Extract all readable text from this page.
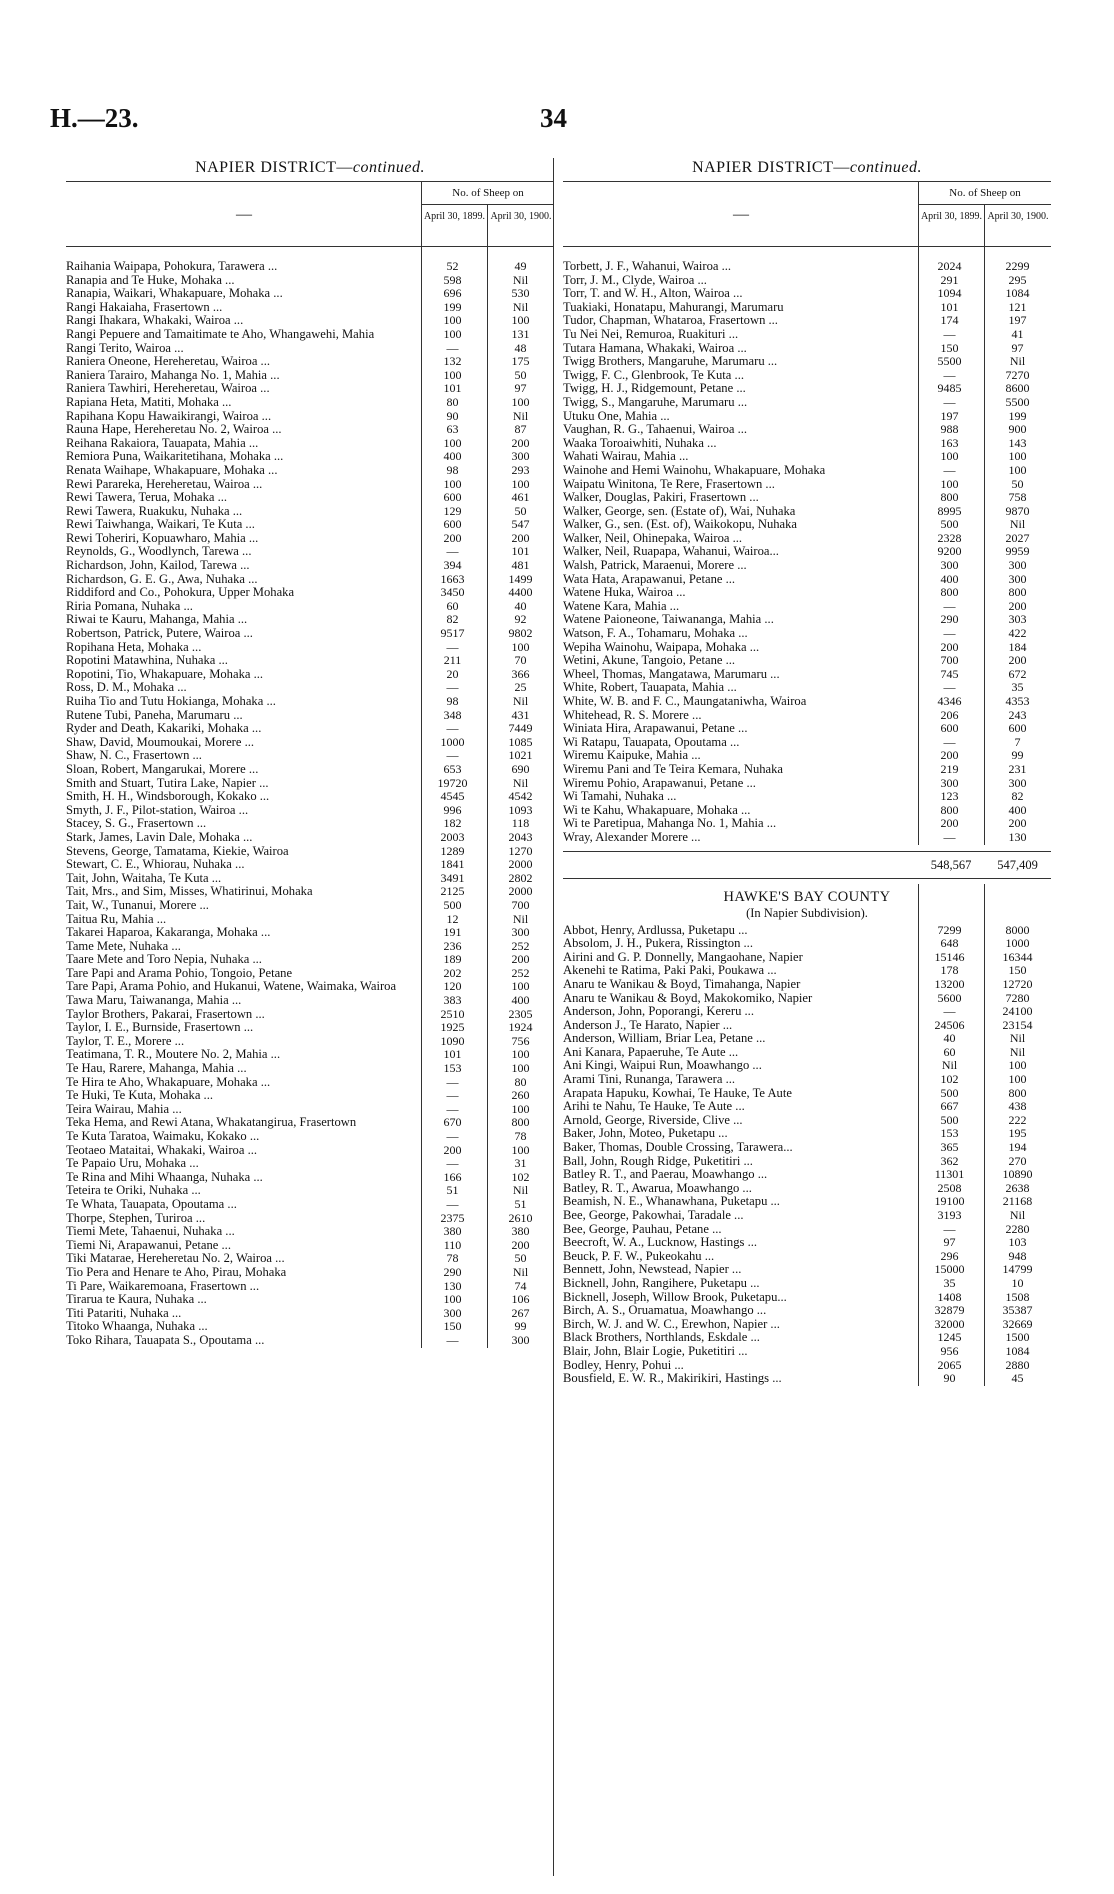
H.—23.	34
NAPIER DISTRICT—continued.
—
No. of Sheep on
April 30, 1899. April 30, 1900.
Raihania Waipapa, Pohokura, Tarawera ...	52	49
Ranapia and Te Huke, Mohaka ...	598	Nil
Ranapia, Waikari, Whakapuare, Mohaka ...	696	530
Rangi Hakaiaha, Frasertown ...	199	Nil
Rangi Ihakara, Whakaki, Wairoa ...	100	100
Rangi Pepuere and Tamaitimate te Aho, Whangawehi, Mahia	100	131
Rangi Terito, Wairoa ...	—	48
Raniera Oneone, Hereheretau, Wairoa ...	132	175
Raniera Tarairo, Mahanga No. 1, Mahia ...	100	50
Raniera Tawhiri, Hereheretau, Wairoa ...	101	97
Rapiana Heta, Matiti, Mohaka ...	80	100
Rapihana Kopu Hawaikirangi, Wairoa ...	90	Nil
Rauna Hape, Hereheretau No. 2, Wairoa ...	63	87
Reihana Rakaiora, Tauapata, Mahia ...	100	200
Remiora Puna, Waikaritetihana, Mohaka ...	400	300
Renata Waihape, Whakapuare, Mohaka ...	98	293
Rewi Parareka, Hereheretau, Wairoa ...	100	100
Rewi Tawera, Terua, Mohaka ...	600	461
Rewi Tawera, Ruakuku, Nuhaka ...	129	50
Rewi Taiwhanga, Waikari, Te Kuta ...	600	547
Rewi Toheriri, Kopuawharo, Mahia ...	200	200
Reynolds, G., Woodlynch, Tarewa ...	—	101
Richardson, John, Kailod, Tarewa ...	394	481
Richardson, G. E. G., Awa, Nuhaka ...	1663	1499
Riddiford and Co., Pohokura, Upper Mohaka	3450	4400
Riria Pomana, Nuhaka ...	60	40
Riwai te Kauru, Mahanga, Mahia ...	82	92
Robertson, Patrick, Putere, Wairoa ...	9517	9802
Ropihana Heta, Mohaka ...	—	100
Ropotini Matawhina, Nuhaka ...	211	70
Ropotini, Tio, Whakapuare, Mohaka ...	20	366
Ross, D. M., Mohaka ...	—	25
Ruiha Tio and Tutu Hokianga, Mohaka ...	98	Nil
Rutene Tubi, Paneha, Marumaru ...	348	431
Ryder and Death, Kakariki, Mohaka ...	—	7449
Shaw, David, Moumoukai, Morere ...	1000	1085
Shaw, N. C., Frasertown ...	—	1021
Sloan, Robert, Mangarukai, Morere ...	653	690
Smith and Stuart, Tutira Lake, Napier ...	19720	Nil
Smith, H. H., Windsborough, Kokako ...	4545	4542
Smyth, J. F., Pilot-station, Wairoa ...	996	1093
Stacey, S. G., Frasertown ...	182	118
Stark, James, Lavin Dale, Mohaka ...	2003	2043
Stevens, George, Tamatama, Kiekie, Wairoa	1289	1270
Stewart, C. E., Whiorau, Nuhaka ...	1841	2000
Tait, John, Waitaha, Te Kuta ...	3491	2802
Tait, Mrs., and Sim, Misses, Whatirinui, Mohaka	2125	2000
Tait, W., Tunanui, Morere ...	500	700
Taitua Ru, Mahia ...	12	Nil
Takarei Haparoa, Kakaranga, Mohaka ...	191	300
Tame Mete, Nuhaka ...	236	252
Taare Mete and Toro Nepia, Nuhaka ...	189	200
Tare Papi and Arama Pohio, Tongoio, Petane	202	252
Tare Papi, Arama Pohio, and Hukanui, Watene, Waimaka, Wairoa	120	100
Tawa Maru, Taiwananga, Mahia ...	383	400
Taylor Brothers, Pakarai, Frasertown ...	2510	2305
Taylor, I. E., Burnside, Frasertown ...	1925	1924
Taylor, T. E., Morere ...	1090	756
Teatimana, T. R., Moutere No. 2, Mahia ...	101	100
Te Hau, Rarere, Mahanga, Mahia ...	153	100
Te Hira te Aho, Whakapuare, Mohaka ...	—	80
Te Huki, Te Kuta, Mohaka ...	—	260
Teira Wairau, Mahia ...	—	100
Teka Hema, and Rewi Atana, Whakatangirua, Frasertown	670	800
Te Kuta Taratoa, Waimaku, Kokako ...	—	78
Teotaeo Mataitai, Whakaki, Wairoa ...	200	100
Te Papaio Uru, Mohaka ...	—	31
Te Rina and Mihi Whaanga, Nuhaka ...	166	102
Teteira te Oriki, Nuhaka ...	51	Nil
Te Whata, Tauapata, Opoutama ...	—	51
Thorpe, Stephen, Turiroa ...	2375	2610
Tiemi Mete, Tahaenui, Nuhaka ...	380	380
Tiemi Ni, Arapawanui, Petane ...	110	200
Tiki Matarae, Hereheretau No. 2, Wairoa ...	78	50
Tio Pera and Henare te Aho, Pirau, Mohaka	290	Nil
Ti Pare, Waikaremoana, Frasertown ...	130	74
Tirarua te Kaura, Nuhaka ...	100	106
Titi Patariti, Nuhaka ...	300	267
Titoko Whaanga, Nuhaka ...	150	99
Toko Rihara, Tauapata S., Opoutama ...	—	300
NAPIER DISTRICT—continued.
—
No. of Sheep on
April 30, 1899. April 30, 1900.
Torbett, J. F., Wahanui, Wairoa ...	2024	2299
Torr, J. M., Clyde, Wairoa ...	291	295
Torr, T. and W. H., Alton, Wairoa ...	1094	1084
Tuakiaki, Honatapu, Mahurangi, Marumaru	101	121
Tudor, Chapman, Whataroa, Frasertown ...	174	197
Tu Nei Nei, Remuroa, Ruakituri ...	—	41
Tutara Hamana, Whakaki, Wairoa ...	150	97
Twigg Brothers, Mangaruhe, Marumaru ...	5500	Nil
Twigg, F. C., Glenbrook, Te Kuta ...	—	7270
Twigg, H. J., Ridgemount, Petane ...	9485	8600
Twigg, S., Mangaruhe, Marumaru ...	—	5500
Utuku One, Mahia ...	197	199
Vaughan, R. G., Tahaenui, Wairoa ...	988	900
Waaka Toroaiwhiti, Nuhaka ...	163	143
Wahati Wairau, Mahia ...	100	100
Wainohe and Hemi Wainohu, Whakapuare, Mohaka	—	100
Waipatu Winitona, Te Rere, Frasertown ...	100	50
Walker, Douglas, Pakiri, Frasertown ...	800	758
Walker, George, sen. (Estate of), Wai, Nuhaka	8995	9870
Walker, G., sen. (Est. of), Waikokopu, Nuhaka	500	Nil
Walker, Neil, Ohinepaka, Wairoa ...	2328	2027
Walker, Neil, Ruapapa, Wahanui, Wairoa...	9200	9959
Walsh, Patrick, Maraenui, Morere ...	300	300
Wata Hata, Arapawanui, Petane ...	400	300
Watene Huka, Wairoa ...	800	800
Watene Kara, Mahia ...	—	200
Watene Paioneone, Taiwananga, Mahia ...	290	303
Watson, F. A., Tohamaru, Mohaka ...	—	422
Wepiha Wainohu, Waipapa, Mohaka ...	200	184
Wetini, Akune, Tangoio, Petane ...	700	200
Wheel, Thomas, Mangatawa, Marumaru ...	745	672
White, Robert, Tauapata, Mahia ...	—	35
White, W. B. and F. C., Maungataniwha, Wairoa	4346	4353
Whitehead, R. S. Morere ...	206	243
Winiata Hira, Arapawanui, Petane ...	600	600
Wi Ratapu, Tauapata, Opoutama ...	—	7
Wiremu Kaipuke, Mahia ...	200	99
Wiremu Pani and Te Teira Kemara, Nuhaka	219	231
Wiremu Pohio, Arapawanui, Petane ...	300	300
Wi Tamahi, Nuhaka ...	123	82
Wi te Kahu, Whakapuare, Mohaka ...	800	400
Wi te Paretipua, Mahanga No. 1, Mahia ...	200	200
Wray, Alexander Morere ...	—	130
548,567	547,409
HAWKE'S BAY COUNTY
(In Napier Subdivision).
Abbot, Henry, Ardlussa, Puketapu ...	7299	8000
Absolom, J. H., Pukera, Rissington ...	648	1000
Airini and G. P. Donnelly, Mangaohane, Napier	15146	16344
Akenehi te Ratima, Paki Paki, Poukawa ...	178	150
Anaru te Wanikau & Boyd, Timahanga, Napier	13200	12720
Anaru te Wanikau & Boyd, Makokomiko, Napier	5600	7280
Anderson, John, Poporangi, Kereru ...	—	24100
Anderson J., Te Harato, Napier ...	24506	23154
Anderson, William, Briar Lea, Petane ...	40	Nil
Ani Kanara, Papaeruhe, Te Aute ...	60	Nil
Ani Kingi, Waipui Run, Moawhango ...	Nil	100
Arami Tini, Runanga, Tarawera ...	102	100
Arapata Hapuku, Kowhai, Te Hauke, Te Aute	500	800
Arihi te Nahu, Te Hauke, Te Aute ...	667	438
Arnold, George, Riverside, Clive ...	500	222
Baker, John, Moteo, Puketapu ...	153	195
Baker, Thomas, Double Crossing, Tarawera...	365	194
Ball, John, Rough Ridge, Puketitiri ...	362	270
Batley R. T., and Paerau, Moawhango ...	11301	10890
Batley, R. T., Awarua, Moawhango ...	2508	2638
Beamish, N. E., Whanawhana, Puketapu ...	19100	21168
Bee, George, Pakowhai, Taradale ...	3193	Nil
Bee, George, Pauhau, Petane ...	—	2280
Beecroft, W. A., Lucknow, Hastings ...	97	103
Beuck, P. F. W., Pukeokahu ...	296	948
Bennett, John, Newstead, Napier ...	15000	14799
Bicknell, John, Rangihere, Puketapu ...	35	10
Bicknell, Joseph, Willow Brook, Puketapu...	1408	1508
Birch, A. S., Oruamatua, Moawhango ...	32879	35387
Birch, W. J. and W. C., Erewhon, Napier ...	32000	32669
Black Brothers, Northlands, Eskdale ...	1245	1500
Blair, John, Blair Logie, Puketitiri ...	956	1084
Bodley, Henry, Pohui ...	2065	2880
Bousfield, E. W. R., Makirikiri, Hastings ...	90	45
